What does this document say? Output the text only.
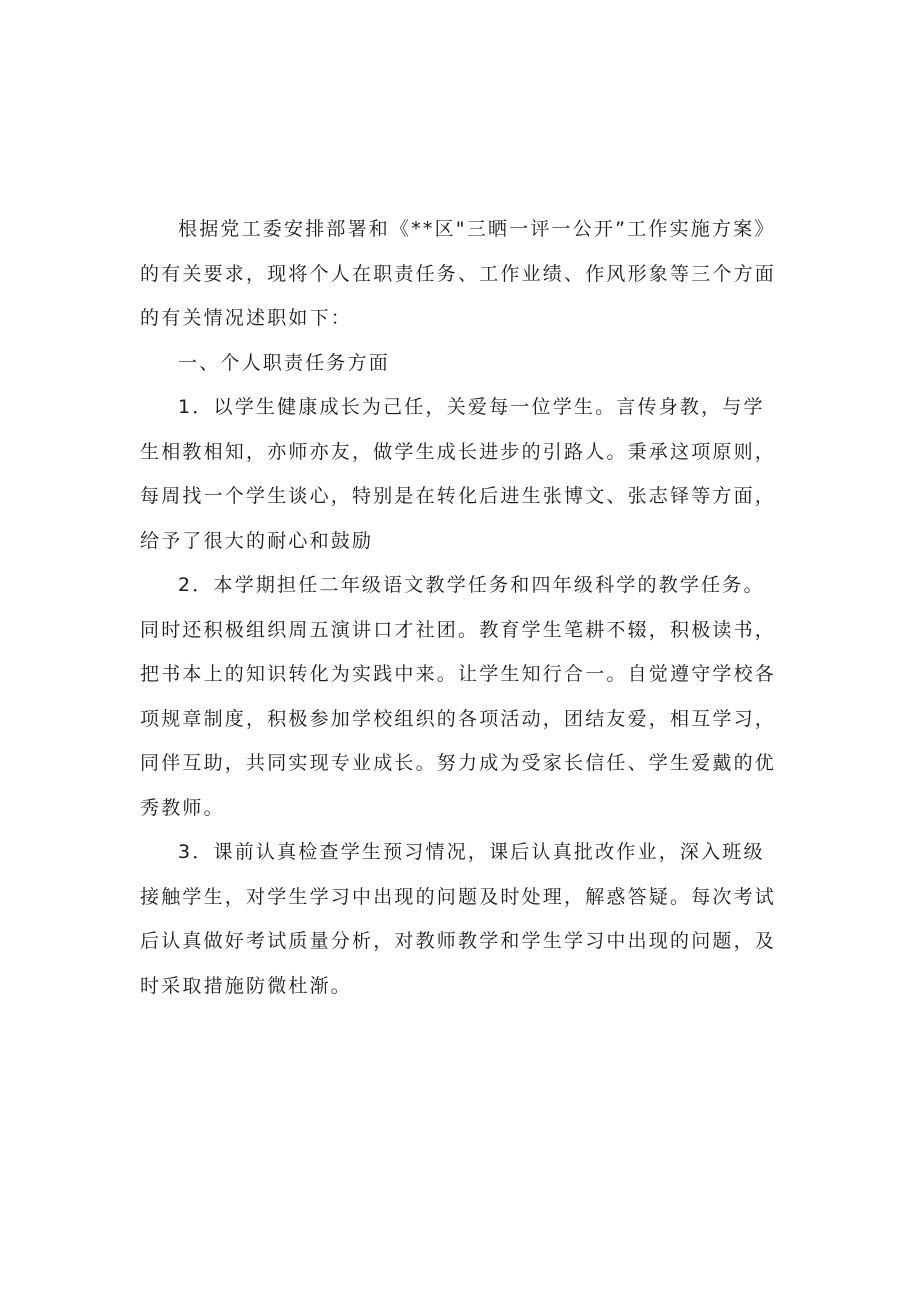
根据党工委安排部署和《**区"三晒一评一公开”工作实施方案》
的有关要求，现将个人在职责任务、工作业绩、作风形象等三个方面
的有关情况述职如下：
一、个人职责任务方面
1．以学生健康成长为己任，关爱每一位学生。言传身教，与学
生相教相知，亦师亦友，做学生成长进步的引路人。秉承这项原则，
每周找一个学生谈心，特别是在转化后进生张博文、张志铎等方面，
给予了很大的耐心和鼓励
2．本学期担任二年级语文教学任务和四年级科学的教学任务。
同时还积极组织周五演讲口才社团。教育学生笔耕不辍，积极读书，
把书本上的知识转化为实践中来。让学生知行合一。自觉遵守学校各
项规章制度，积极参加学校组织的各项活动，团结友爱，相互学习，
同伴互助，共同实现专业成长。努力成为受家长信任、学生爱戴的优
秀教师。
3．课前认真检查学生预习情况，课后认真批改作业，深入班级
接触学生，对学生学习中出现的问题及时处理，解惑答疑。每次考试
后认真做好考试质量分析，对教师教学和学生学习中出现的问题，及
时采取措施防微杜渐。
